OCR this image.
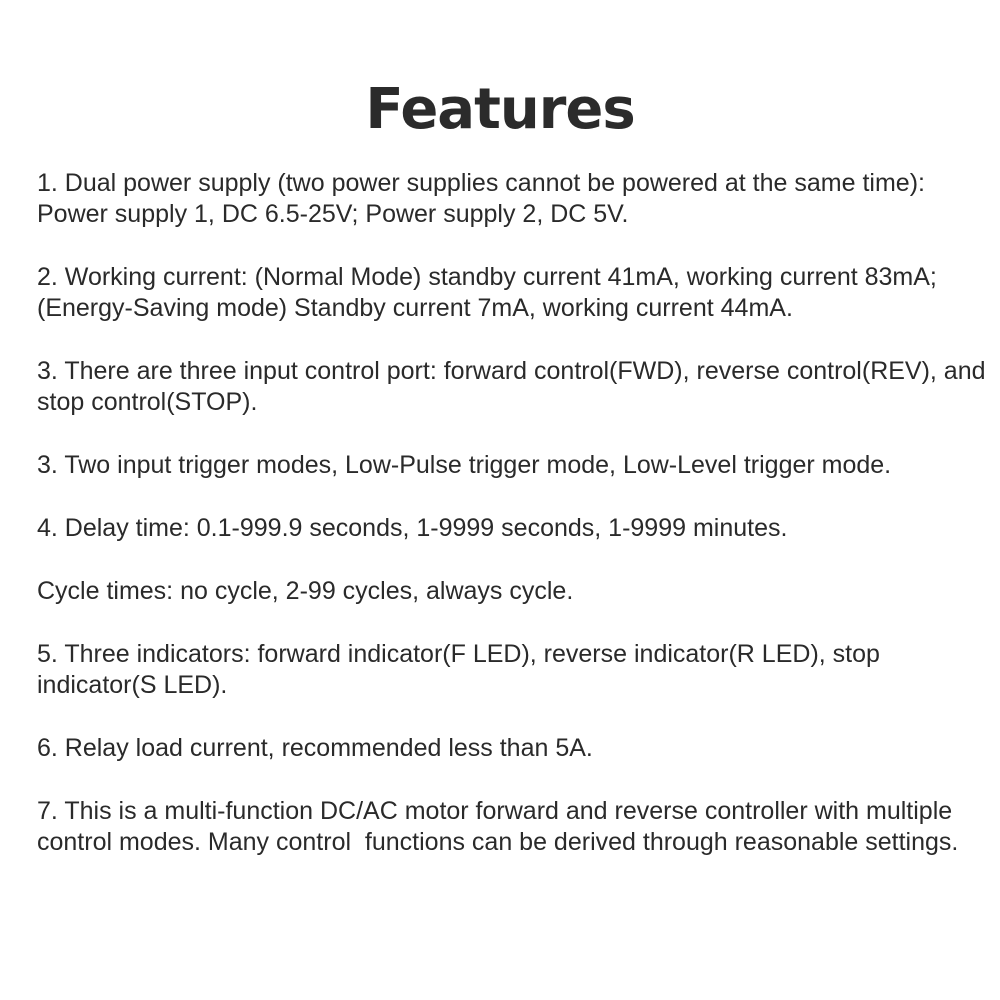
Features
1. Dual power supply (two power supplies cannot be powered at the same time): Power supply 1, DC 6.5-25V; Power supply 2, DC 5V.
2. Working current: (Normal Mode) standby current 41mA, working current 83mA;  (Energy-Saving mode) Standby current 7mA, working current 44mA.
3. There are three input control port: forward control(FWD), reverse control(REV), and stop control(STOP).
3. Two input trigger modes, Low-Pulse trigger mode, Low-Level trigger mode.
4. Delay time: 0.1-999.9 seconds, 1-9999 seconds, 1-9999 minutes.
Cycle times: no cycle, 2-99 cycles, always cycle.
5. Three indicators: forward indicator(F LED), reverse indicator(R LED), stop indicator(S LED).
6. Relay load current, recommended less than 5A.
7. This is a multi-function DC/AC motor forward and reverse controller with multiple control modes. Many control  functions can be derived through reasonable settings.
